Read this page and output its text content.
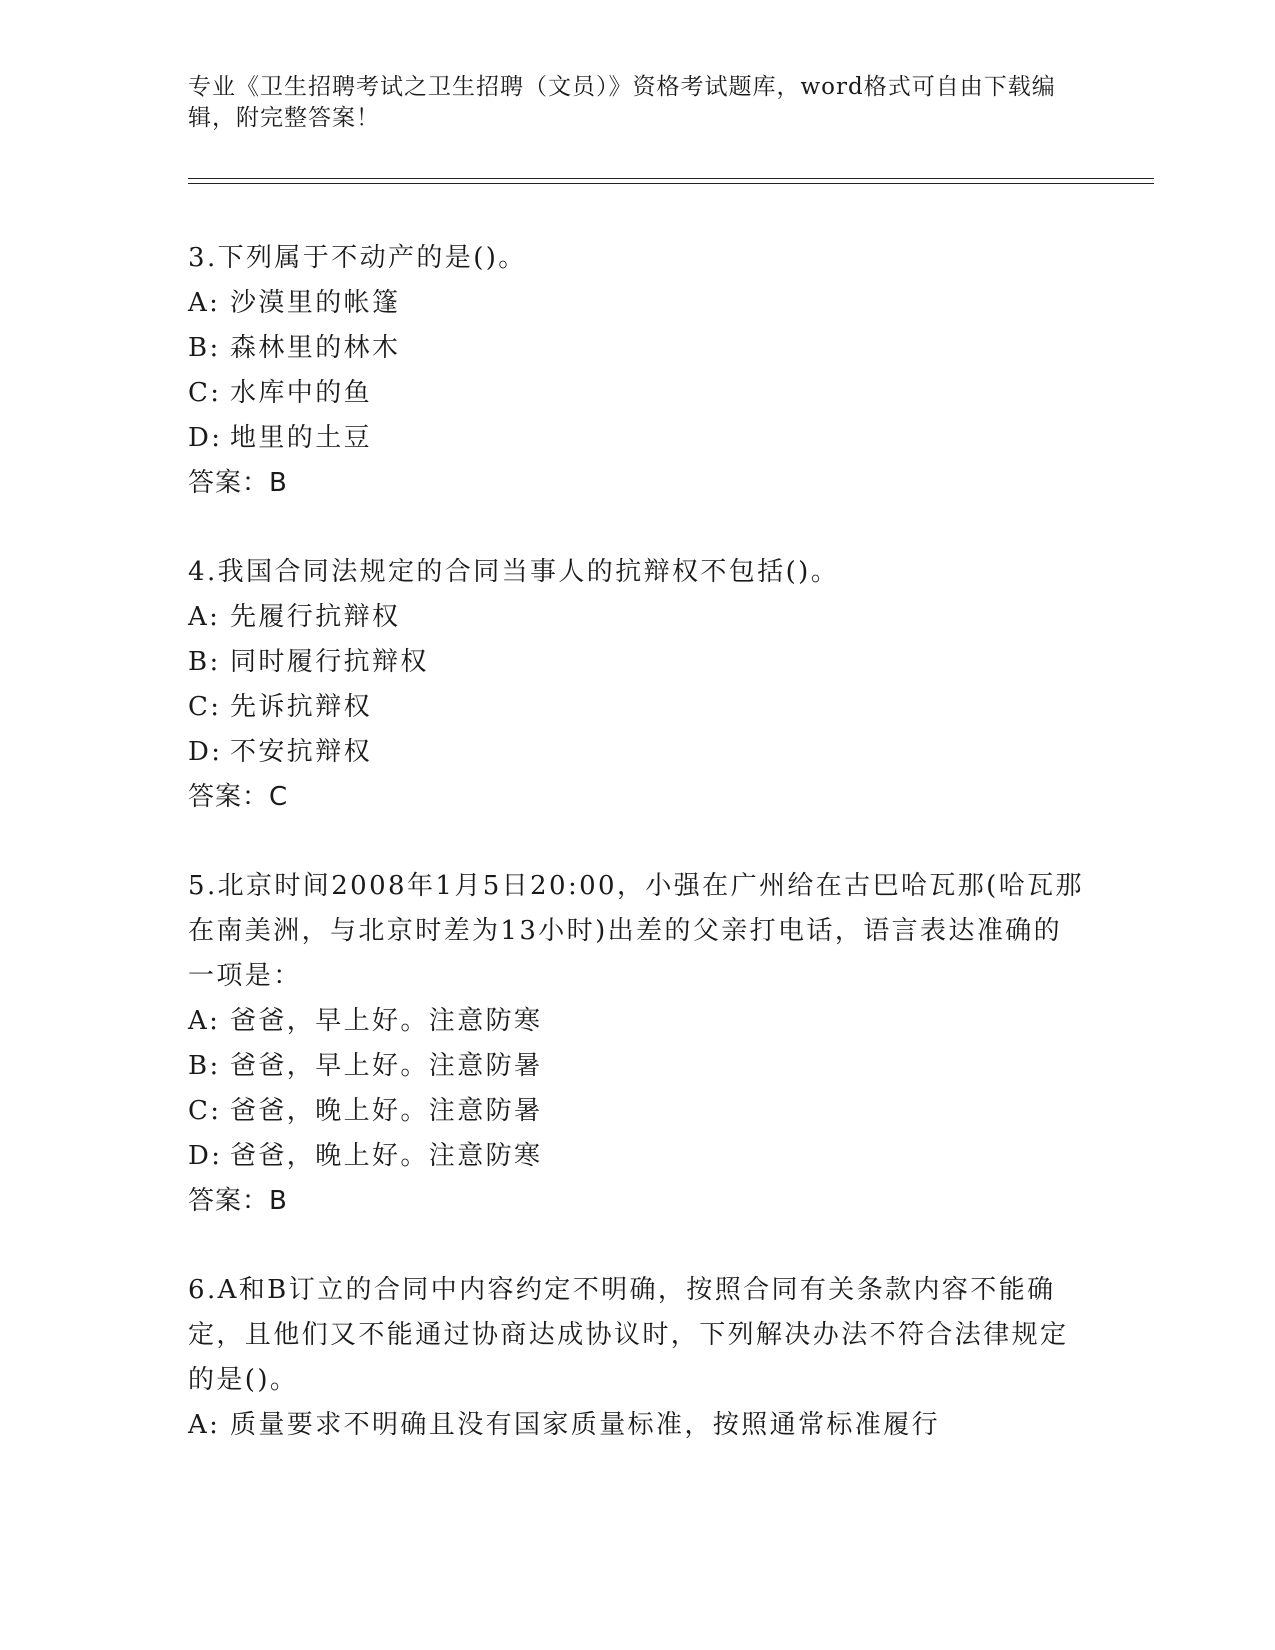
专业《卫生招聘考试之卫生招聘（文员）》资格考试题库，word格式可自由下载编辑，附完整答案！
3.下列属于不动产的是()。
A: 沙漠里的帐篷
B: 森林里的林木
C: 水库中的鱼
D: 地里的土豆
答案：B
4.我国合同法规定的合同当事人的抗辩权不包括()。
A: 先履行抗辩权
B: 同时履行抗辩权
C: 先诉抗辩权
D: 不安抗辩权
答案：C
5.北京时间2008年1月5日20:00，小强在广州给在古巴哈瓦那(哈瓦那在南美洲，与北京时差为13小时)出差的父亲打电话，语言表达准确的一项是：
A: 爸爸，早上好。注意防寒
B: 爸爸，早上好。注意防暑
C: 爸爸，晚上好。注意防暑
D: 爸爸，晚上好。注意防寒
答案：B
6.A和B订立的合同中内容约定不明确，按照合同有关条款内容不能确定，且他们又不能通过协商达成协议时，下列解决办法不符合法律规定的是()。
A: 质量要求不明确且没有国家质量标准，按照通常标准履行
